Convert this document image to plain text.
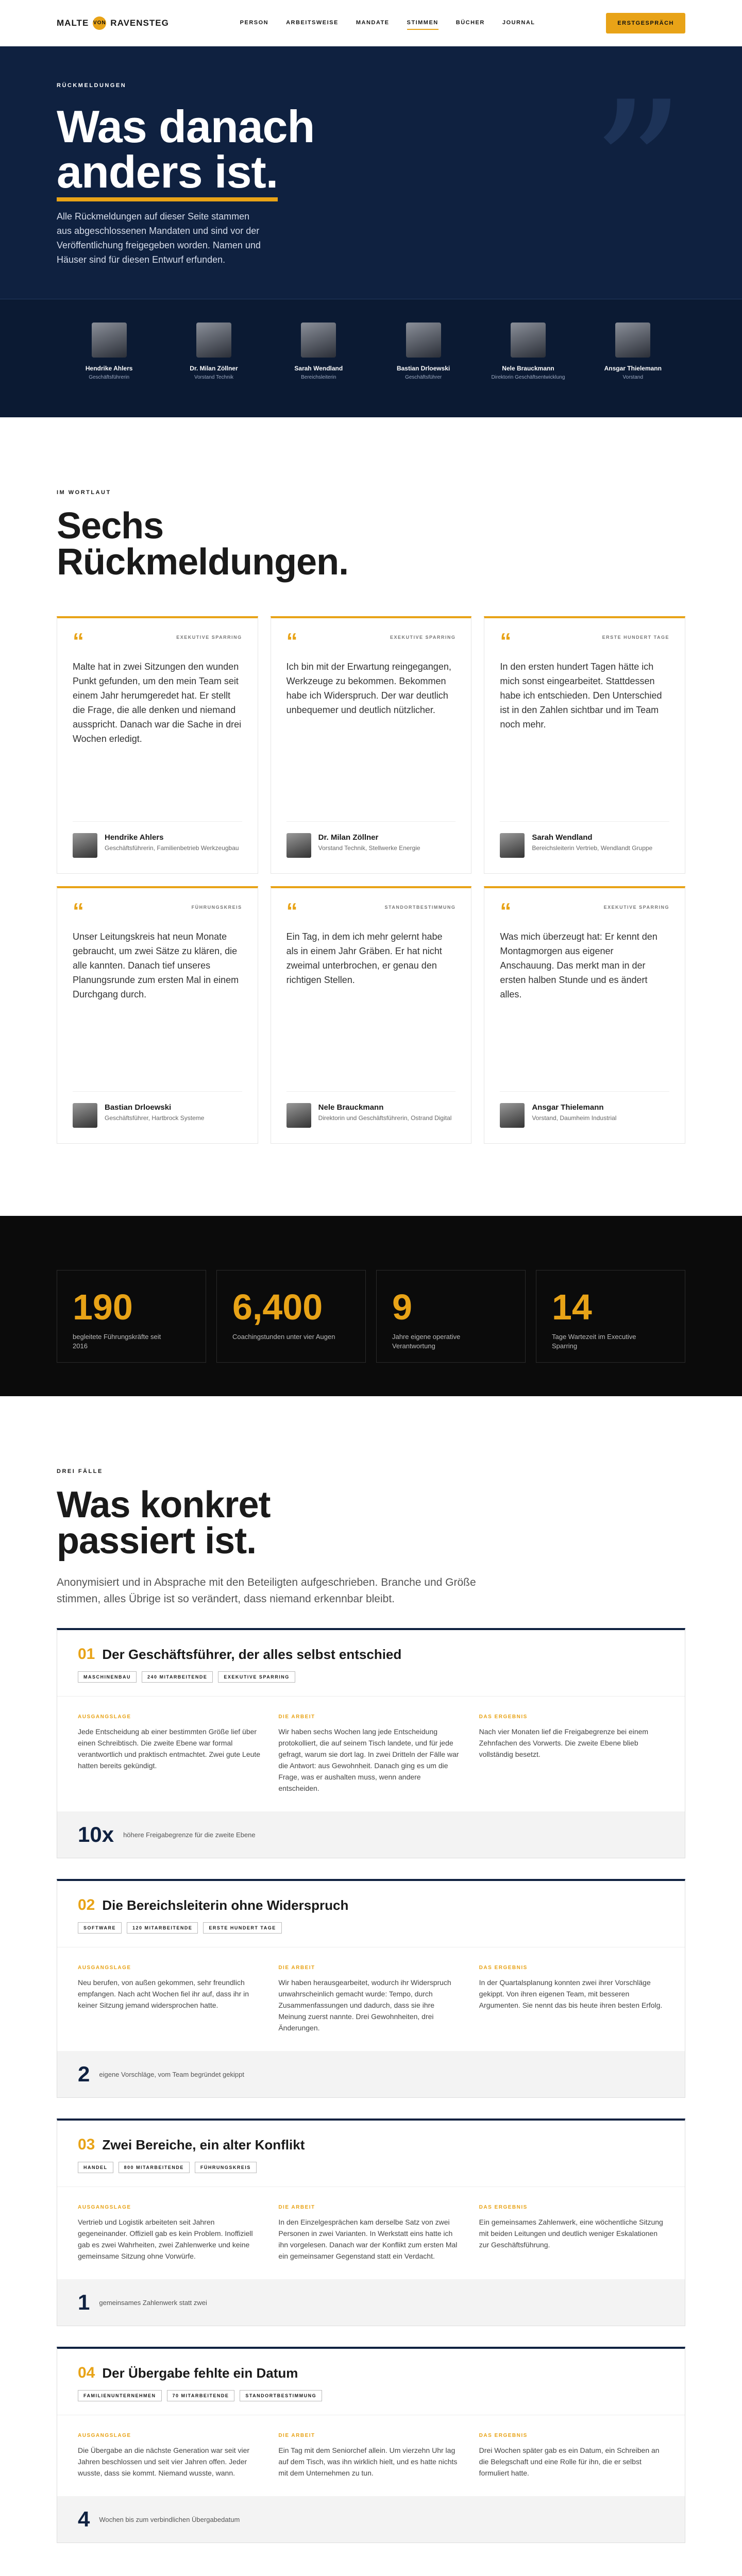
MALTE VON RAVENSTEG	PERSON	ARBEITSWEISE	MANDATE	STIMMEN	BÜCHER	JOURNAL	ERSTGESPRÄCH
”
RÜCKMELDUNGEN
Was danach
anders ist.

Alle Rückmeldungen auf dieser Seite stammen aus abgeschlossenen Mandaten und sind vor der Veröffentlichung freigegeben worden. Namen und Häuser sind für diesen Entwurf erfunden.

Hendrike Ahlers
Geschäftsführerin
Dr. Milan Zöllner
Vorstand Technik
Sarah Wendland
Bereichsleiterin
Bastian Drloewski
Geschäftsführer
Nele Brauckmann
Direktorin Geschäftsentwicklung
Ansgar Thielemann
Vorstand
IM WORTLAUT
Sechs
Rückmeldungen.
“	EXEKUTIVE SPARRING
Malte hat in zwei Sitzungen den wunden Punkt gefunden, um den mein Team seit einem Jahr herumgeredet hat. Er stellt die Frage, die alle denken und niemand ausspricht. Danach war die Sache in drei Wochen erledigt.
Hendrike Ahlers
Geschäftsführerin, Familienbetrieb Werkzeugbau
“	EXEKUTIVE SPARRING
Ich bin mit der Erwartung reingegangen, Werkzeuge zu bekommen. Bekommen habe ich Widerspruch. Der war deutlich unbequemer und deutlich nützlicher.
Dr. Milan Zöllner
Vorstand Technik, Stellwerke Energie
“	ERSTE HUNDERT TAGE
In den ersten hundert Tagen hätte ich mich sonst eingearbeitet. Stattdessen habe ich entschieden. Den Unterschied ist in den Zahlen sichtbar und im Team noch mehr.
Sarah Wendland
Bereichsleiterin Vertrieb, Wendlandt Gruppe
“	FÜHRUNGSKREIS
Unser Leitungskreis hat neun Monate gebraucht, um zwei Sätze zu klären, die alle kannten. Danach tief unseres Planungsrunde zum ersten Mal in einem Durchgang durch.
Bastian Drloewski
Geschäftsführer, Hartbrock Systeme
“	STANDORTBESTIMMUNG
Ein Tag, in dem ich mehr gelernt habe als in einem Jahr Gräben. Er hat nicht zweimal unterbrochen, er genau den richtigen Stellen.
Nele Brauckmann
Direktorin und Geschäftsführerin, Ostrand Digital
“	EXEKUTIVE SPARRING
Was mich überzeugt hat: Er kennt den Montagmorgen aus eigener Anschauung. Das merkt man in der ersten halben Stunde und es ändert alles.
Ansgar Thielemann
Vorstand, Daumheim Industrial
190
begleitete Führungskräfte seit 2016
6,400
Coachingstunden unter vier Augen
9
Jahre eigene operative Verantwortung
14
Tage Wartezeit im Executive Sparring
DREI FÄLLE
Was konkret
passiert ist.

Anonymisiert und in Absprache mit den Beteiligten aufgeschrieben. Branche und Größe stimmen, alles Übrige ist so verändert, dass niemand erkennbar bleibt.

01 Der Geschäftsführer, der alles selbst entschied
MASCHINENBAU	240 MITARBEITENDE	EXEKUTIVE SPARRING
AUSGANGSLAGE
Jede Entscheidung ab einer bestimmten Größe lief über einen Schreibtisch. Die zweite Ebene war formal verantwortlich und praktisch entmachtet. Zwei gute Leute hatten bereits gekündigt.
DIE ARBEIT
Wir haben sechs Wochen lang jede Entscheidung protokolliert, die auf seinem Tisch landete, und für jede gefragt, warum sie dort lag. In zwei Dritteln der Fälle war die Antwort: aus Gewohnheit. Danach ging es um die Frage, was er aushalten muss, wenn andere entscheiden.
DAS ERGEBNIS
Nach vier Monaten lief die Freigabegrenze bei einem Zehnfachen des Vorwerts. Die zweite Ebene blieb vollständig besetzt.
10x höhere Freigabegrenze für die zweite Ebene
02 Die Bereichsleiterin ohne Widerspruch
SOFTWARE	120 MITARBEITENDE	ERSTE HUNDERT TAGE
AUSGANGSLAGE
Neu berufen, von außen gekommen, sehr freundlich empfangen. Nach acht Wochen fiel ihr auf, dass ihr in keiner Sitzung jemand widersprochen hatte.
DIE ARBEIT
Wir haben herausgearbeitet, wodurch ihr Widerspruch unwahrscheinlich gemacht wurde: Tempo, durch Zusammenfassungen und dadurch, dass sie ihre Meinung zuerst nannte. Drei Gewohnheiten, drei Änderungen.
DAS ERGEBNIS
In der Quartalsplanung konnten zwei ihrer Vorschläge gekippt. Von ihren eigenen Team, mit besseren Argumenten. Sie nennt das bis heute ihren besten Erfolg.
2 eigene Vorschläge, vom Team begründet gekippt
03 Zwei Bereiche, ein alter Konflikt
HANDEL	800 MITARBEITENDE	FÜHRUNGSKREIS
AUSGANGSLAGE
Vertrieb und Logistik arbeiteten seit Jahren gegeneinander. Offiziell gab es kein Problem. Inoffiziell gab es zwei Wahrheiten, zwei Zahlenwerke und keine gemeinsame Sitzung ohne Vorwürfe.
DIE ARBEIT
In den Einzelgesprächen kam derselbe Satz von zwei Personen in zwei Varianten. In Werkstatt eins hatte ich ihn vorgelesen. Danach war der Konflikt zum ersten Mal ein gemeinsamer Gegenstand statt ein Verdacht.
DAS ERGEBNIS
Ein gemeinsames Zahlenwerk, eine wöchentliche Sitzung mit beiden Leitungen und deutlich weniger Eskalationen zur Geschäftsführung.
1 gemeinsames Zahlenwerk statt zwei
04 Der Übergabe fehlte ein Datum
FAMILIENUNTERNEHMEN	70 MITARBEITENDE	STANDORTBESTIMMUNG
AUSGANGSLAGE
Die Übergabe an die nächste Generation war seit vier Jahren beschlossen und seit vier Jahren offen. Jeder wusste, dass sie kommt. Niemand wusste, wann.
DIE ARBEIT
Ein Tag mit dem Seniorchef allein. Um vierzehn Uhr lag auf dem Tisch, was ihn wirklich hielt, und es hatte nichts mit dem Unternehmen zu tun.
DAS ERGEBNIS
Drei Wochen später gab es ein Datum, ein Schreiben an die Belegschaft und eine Rolle für ihn, die er selbst formuliert hatte.
4 Wochen bis zum verbindlichen Übergabedatum
